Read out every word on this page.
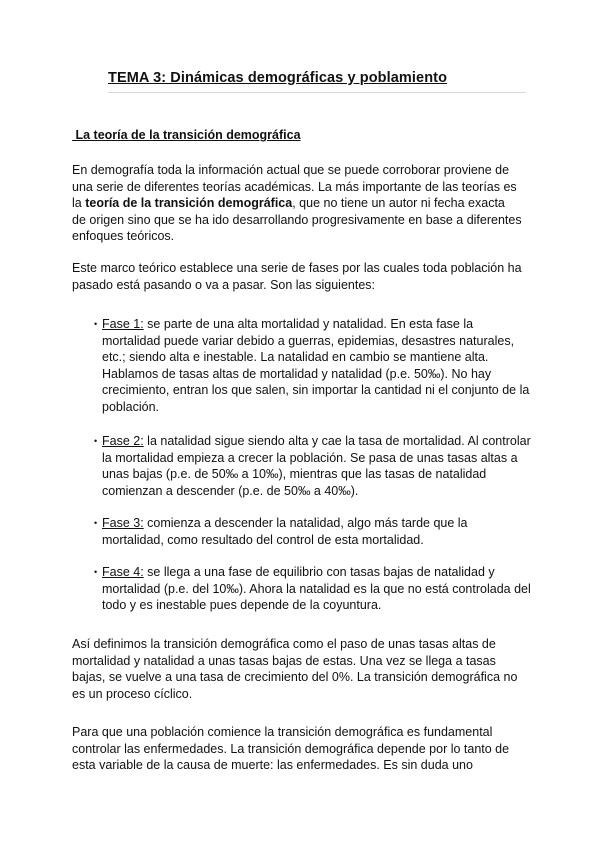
TEMA 3: Dinámicas demográficas y poblamiento
La teoría de la transición demográfica

En demografía toda la información actual que se puede corroborar proviene de una serie de diferentes teorías académicas. La más importante de las teorías es la teoría de la transición demográfica, que no tiene un autor ni fecha exacta de origen sino que se ha ido desarrollando progresivamente en base a diferentes enfoques teóricos.

Este marco teórico establece una serie de fases por las cuales toda población ha pasado está pasando o va a pasar. Son las siguientes:

• Fase 1: se parte de una alta mortalidad y natalidad. En esta fase la mortalidad puede variar debido a guerras, epidemias, desastres naturales, etc.; siendo alta e inestable. La natalidad en cambio se mantiene alta. Hablamos de tasas altas de mortalidad y natalidad (p.e. 50‰). No hay crecimiento, entran los que salen, sin importar la cantidad ni el conjunto de la población.

• Fase 2: la natalidad sigue siendo alta y cae la tasa de mortalidad. Al controlar la mortalidad empieza a crecer la población. Se pasa de unas tasas altas a unas bajas (p.e. de 50‰ a 10‰), mientras que las tasas de natalidad comienzan a descender (p.e. de 50‰ a 40‰).

• Fase 3: comienza a descender la natalidad, algo más tarde que la mortalidad, como resultado del control de esta mortalidad.

• Fase 4: se llega a una fase de equilibrio con tasas bajas de natalidad y mortalidad (p.e. del 10‰). Ahora la natalidad es la que no está controlada del todo y es inestable pues depende de la coyuntura.

Así definimos la transición demográfica como el paso de unas tasas altas de mortalidad y natalidad a unas tasas bajas de estas. Una vez se llega a tasas bajas, se vuelve a una tasa de crecimiento del 0%. La transición demográfica no es un proceso cíclico.

Para que una población comience la transición demográfica es fundamental controlar las enfermedades. La transición demográfica depende por lo tanto de esta variable de la causa de muerte: las enfermedades. Es sin duda uno
